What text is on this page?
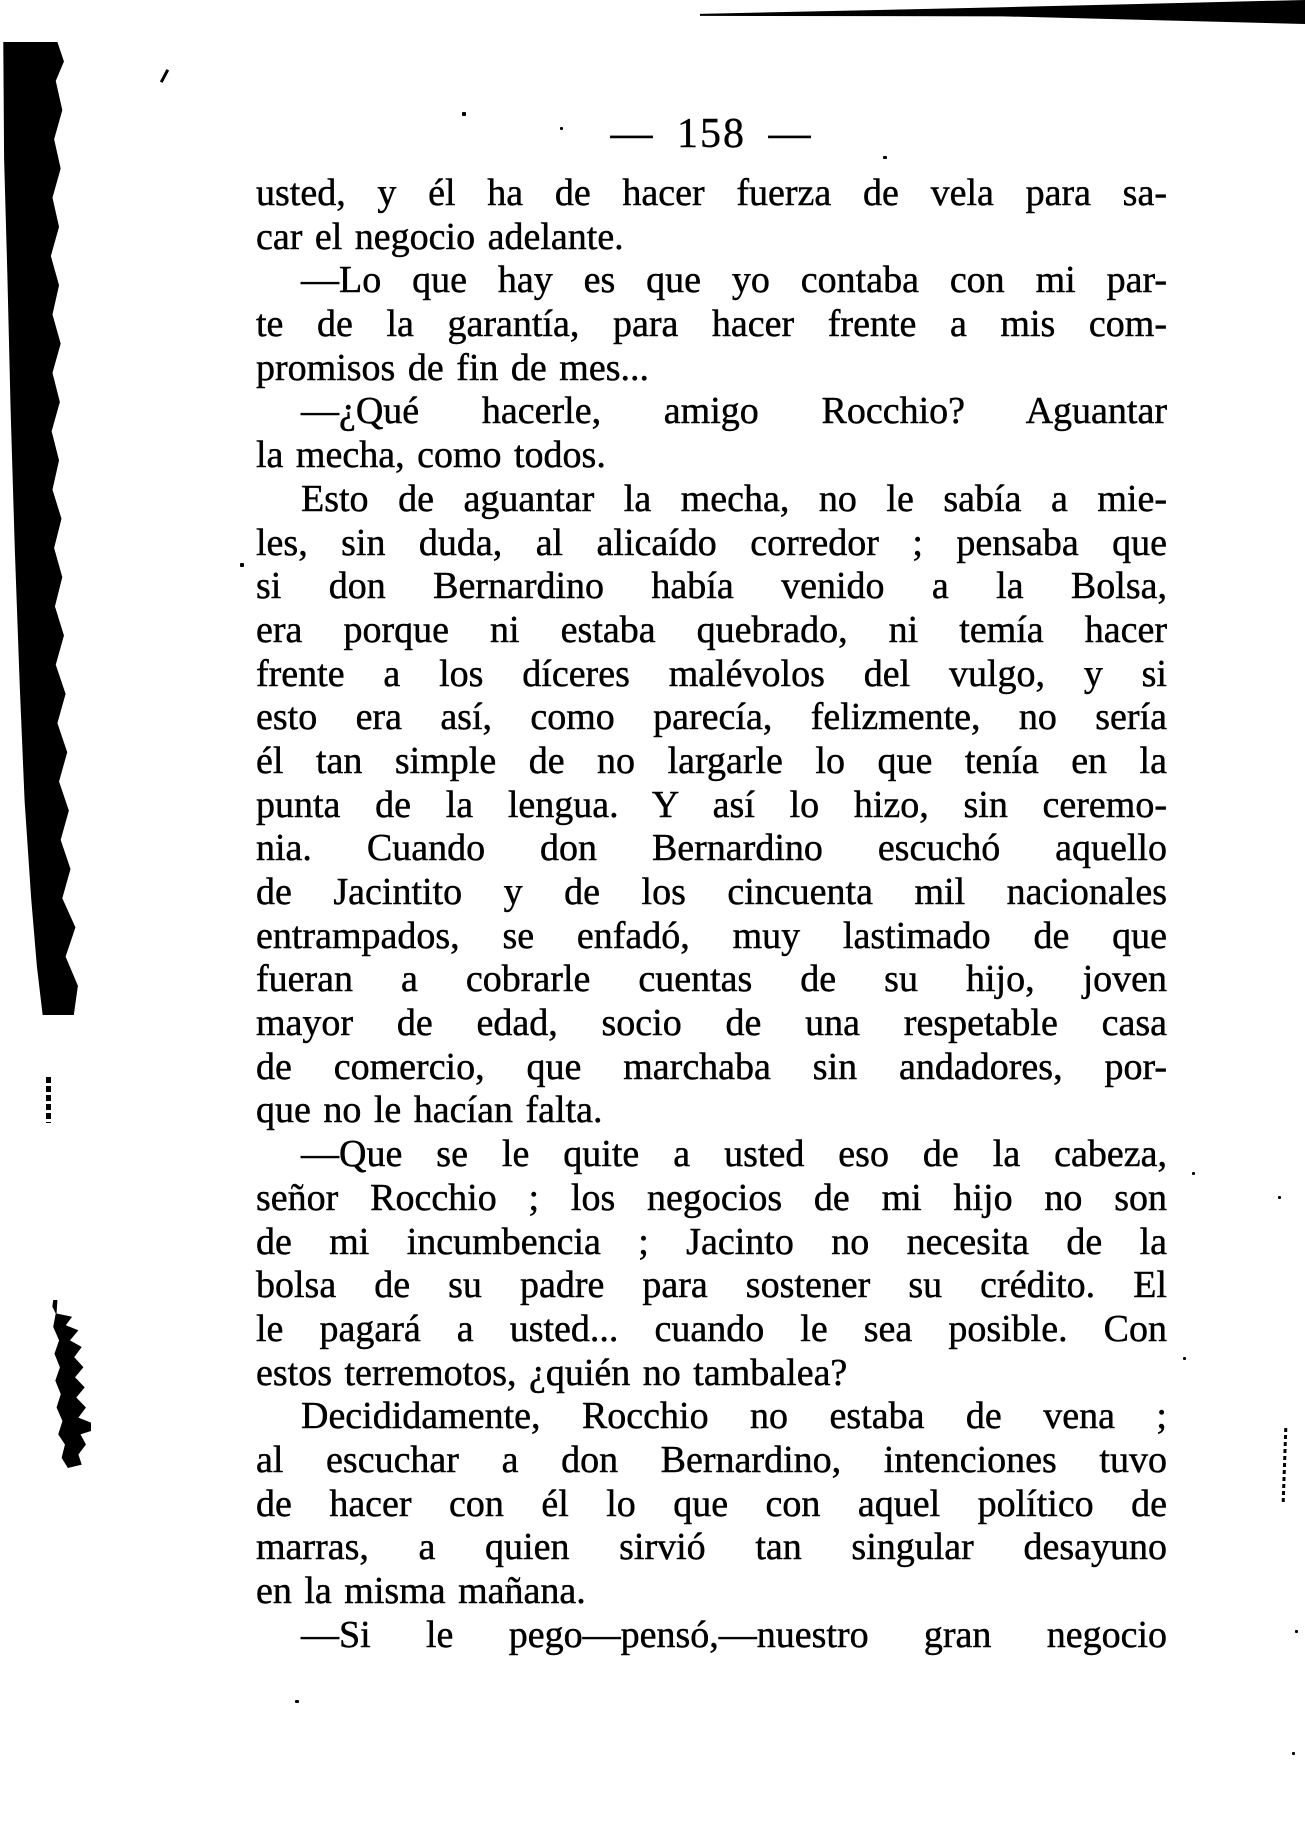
— 158 —
usted, y él ha de hacer fuerza de vela para sa-
car el negocio adelante.
—Lo que hay es que yo contaba con mi par-
te de la garantía, para hacer frente a mis com-
promisos de fin de mes...
—¿Qué hacerle, amigo Rocchio? Aguantar
la mecha, como todos.
Esto de aguantar la mecha, no le sabía a mie-
les, sin duda, al alicaído corredor ; pensaba que
si don Bernardino había venido a la Bolsa,
era porque ni estaba quebrado, ni temía hacer
frente a los díceres malévolos del vulgo, y si
esto era así, como parecía, felizmente, no sería
él tan simple de no largarle lo que tenía en la
punta de la lengua. Y así lo hizo, sin ceremo-
nia. Cuando don Bernardino escuchó aquello
de Jacintito y de los cincuenta mil nacionales
entrampados, se enfadó, muy lastimado de que
fueran a cobrarle cuentas de su hijo, joven
mayor de edad, socio de una respetable casa
de comercio, que marchaba sin andadores, por-
que no le hacían falta.
—Que se le quite a usted eso de la cabeza,
señor Rocchio ; los negocios de mi hijo no son
de mi incumbencia ; Jacinto no necesita de la
bolsa de su padre para sostener su crédito. El
le pagará a usted... cuando le sea posible. Con
estos terremotos, ¿quién no tambalea?
Decididamente, Rocchio no estaba de vena ;
al escuchar a don Bernardino, intenciones tuvo
de hacer con él lo que con aquel político de
marras, a quien sirvió tan singular desayuno
en la misma mañana.
—Si le pego—pensó,—nuestro gran negocio
